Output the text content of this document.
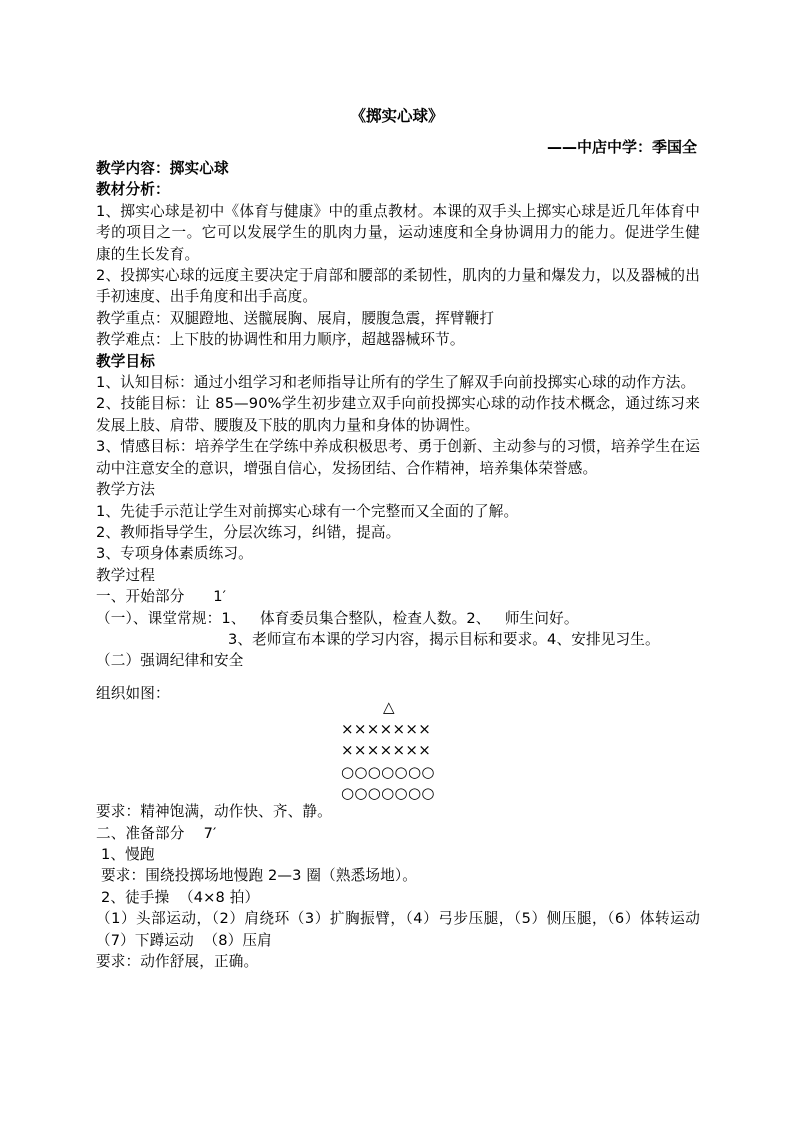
《掷实心球》
——中店中学：季国全

教学内容：掷实心球

教材分析：

1、掷实心球是初中《体育与健康》中的重点教材。本课的双手头上掷实心球是近几年体育中考的项目之一。它可以发展学生的肌肉力量，运动速度和全身协调用力的能力。促进学生健康的生长发育。

2、投掷实心球的远度主要决定于肩部和腰部的柔韧性，肌肉的力量和爆发力，以及器械的出手初速度、出手角度和出手高度。

教学重点：双腿蹬地、送髋展胸、展肩，腰腹急震，挥臂鞭打

教学难点：上下肢的协调性和用力顺序，超越器械环节。

教学目标

1、认知目标：通过小组学习和老师指导让所有的学生了解双手向前投掷实心球的动作方法。

2、技能目标：让 85—90%学生初步建立双手向前投掷实心球的动作技术概念，通过练习来发展上肢、肩带、腰腹及下肢的肌肉力量和身体的协调性。

3、情感目标：培养学生在学练中养成积极思考、勇于创新、主动参与的习惯，培养学生在运动中注意安全的意识，增强自信心，发扬团结、合作精神，培养集体荣誉感。

教学方法

1、先徒手示范让学生对前掷实心球有一个完整而又全面的了解。

2、教师指导学生，分层次练习，纠错，提高。

3、专项身体素质练习。

教学过程

一、开始部分      1′

（一）、课堂常规：1、   体育委员集合整队，检查人数。2、   师生问好。

3、老师宣布本课的学习内容，揭示目标和要求。4、安排见习生。

（二）强调纪律和安全

组织如图：

要求：精神饱满，动作快、齐、静。

二、准备部分    7′

1、慢跑

要求：围绕投掷场地慢跑 2—3 圈（熟悉场地）。

2、徒手操  （4×8 拍）

（1）头部运动，（2）肩绕环（3）扩胸振臂，（4）弓步压腿，（5）侧压腿，（6）体转运动（7）下蹲运动  （8）压肩

要求：动作舒展，正确。

△
×××××××
×××××××
○○○○○○○
○○○○○○○
